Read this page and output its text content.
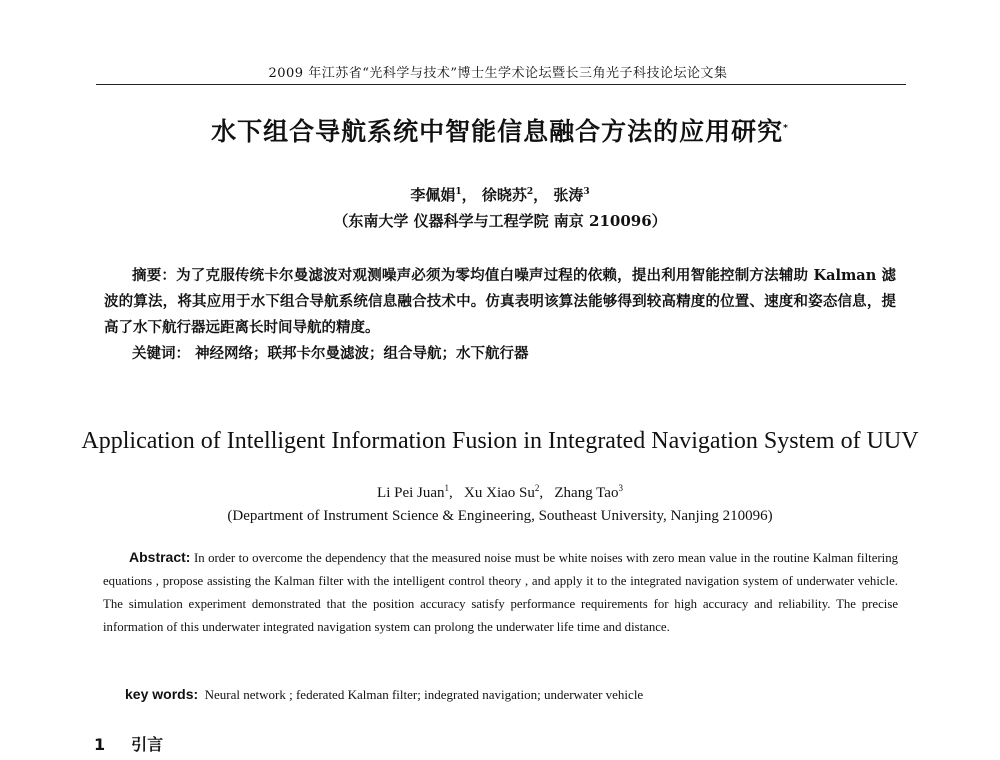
2009 年江苏省“光科学与技术”博士生学术论坛暨长三角光子科技论坛论文集
水下组合导航系统中智能信息融合方法的应用研究*
李佩娟$^1$， 徐晓苏$^2$， 张涛$^3$
（东南大学 仪器科学与工程学院 南京 210096）
摘要：为了克服传统卡尔曼滤波对观测噪声必须为零均值白噪声过程的依赖，提出利用智能控制方法辅助 Kalman 滤波的算法，将其应用于水下组合导航系统信息融合技术中。仿真表明该算法能够得到较高精度的位置、速度和姿态信息，提高了水下航行器远距离长时间导航的精度。
关键词： 神经网络；联邦卡尔曼滤波；组合导航；水下航行器
Application of Intelligent Information Fusion in Integrated Navigation System of UUV
Li Pei Juan$^1$, Xu Xiao Su$^2$, Zhang Tao$^3$
(Department of Instrument Science & Engineering, Southeast University, Nanjing 210096)
Abstract: In order to overcome the dependency that the measured noise must be white noises with zero mean value in the routine Kalman filtering equations , propose assisting the Kalman filter with the intelligent control theory , and apply it to the integrated navigation system of underwater vehicle. The simulation experiment demonstrated that the position accuracy satisfy performance requirements for high accuracy and reliability. The precise information of this underwater integrated navigation system can prolong the underwater life time and distance.
key words: Neural network ; federated Kalman filter; indegrated navigation; underwater vehicle
1 引言
